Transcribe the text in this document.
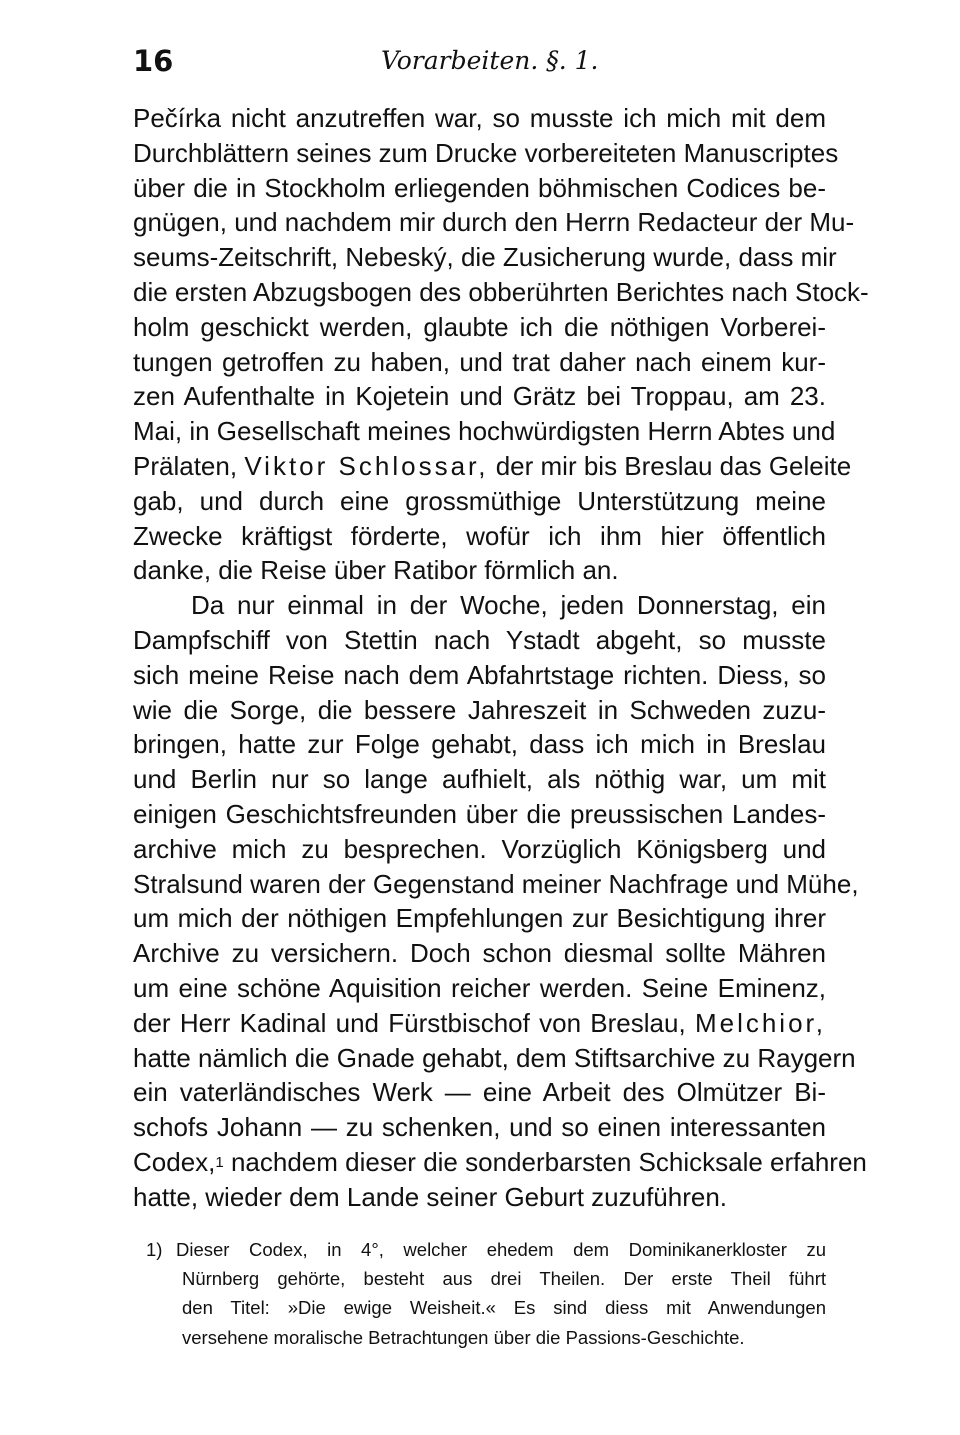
16	Vorarbeiten. §. 1.
Pečírka nicht anzutreffen war, so musste ich mich mit dem
Durchblättern seines zum Drucke vorbereiteten Manuscriptes
über die in Stockholm erliegenden böhmischen Codices be-
gnügen, und nachdem mir durch den Herrn Redacteur der Mu-
seums-Zeitschrift, Nebeský, die Zusicherung wurde, dass mir
die ersten Abzugsbogen des obberührten Berichtes nach Stock-
holm geschickt werden, glaubte ich die nöthigen Vorberei-
tungen getroffen zu haben, und trat daher nach einem kur-
zen Aufenthalte in Kojetein und Grätz bei Troppau, am 23.
Mai, in Gesellschaft meines hochwürdigsten Herrn Abtes und
Prälaten, Viktor Schlossar, der mir bis Breslau das Geleite
gab, und durch eine grossmüthige Unterstützung meine
Zwecke kräftigst förderte, wofür ich ihm hier öffentlich
danke, die Reise über Ratibor förmlich an.
Da nur einmal in der Woche, jeden Donnerstag, ein
Dampfschiff von Stettin nach Ystadt abgeht, so musste
sich meine Reise nach dem Abfahrtstage richten. Diess, so
wie die Sorge, die bessere Jahreszeit in Schweden zuzu-
bringen, hatte zur Folge gehabt, dass ich mich in Breslau
und Berlin nur so lange aufhielt, als nöthig war, um mit
einigen Geschichtsfreunden über die preussischen Landes-
archive mich zu besprechen. Vorzüglich Königsberg und
Stralsund waren der Gegenstand meiner Nachfrage und Mühe,
um mich der nöthigen Empfehlungen zur Besichtigung ihrer
Archive zu versichern. Doch schon diesmal sollte Mähren
um eine schöne Aquisition reicher werden. Seine Eminenz,
der Herr Kadinal und Fürstbischof von Breslau, Melchior,
hatte nämlich die Gnade gehabt, dem Stiftsarchive zu Raygern
ein vaterländisches Werk — eine Arbeit des Olmützer Bi-
schofs Johann — zu schenken, und so einen interessanten
Codex,$^1$ nachdem dieser die sonderbarsten Schicksale erfahren
hatte, wieder dem Lande seiner Geburt zuzuführen.
1) Dieser Codex, in 4°, welcher ehedem dem Dominikanerkloster zu
Nürnberg gehörte, besteht aus drei Theilen. Der erste Theil führt
den Titel: »Die ewige Weisheit.« Es sind diess mit Anwendungen
versehene moralische Betrachtungen über die Passions-Geschichte.
